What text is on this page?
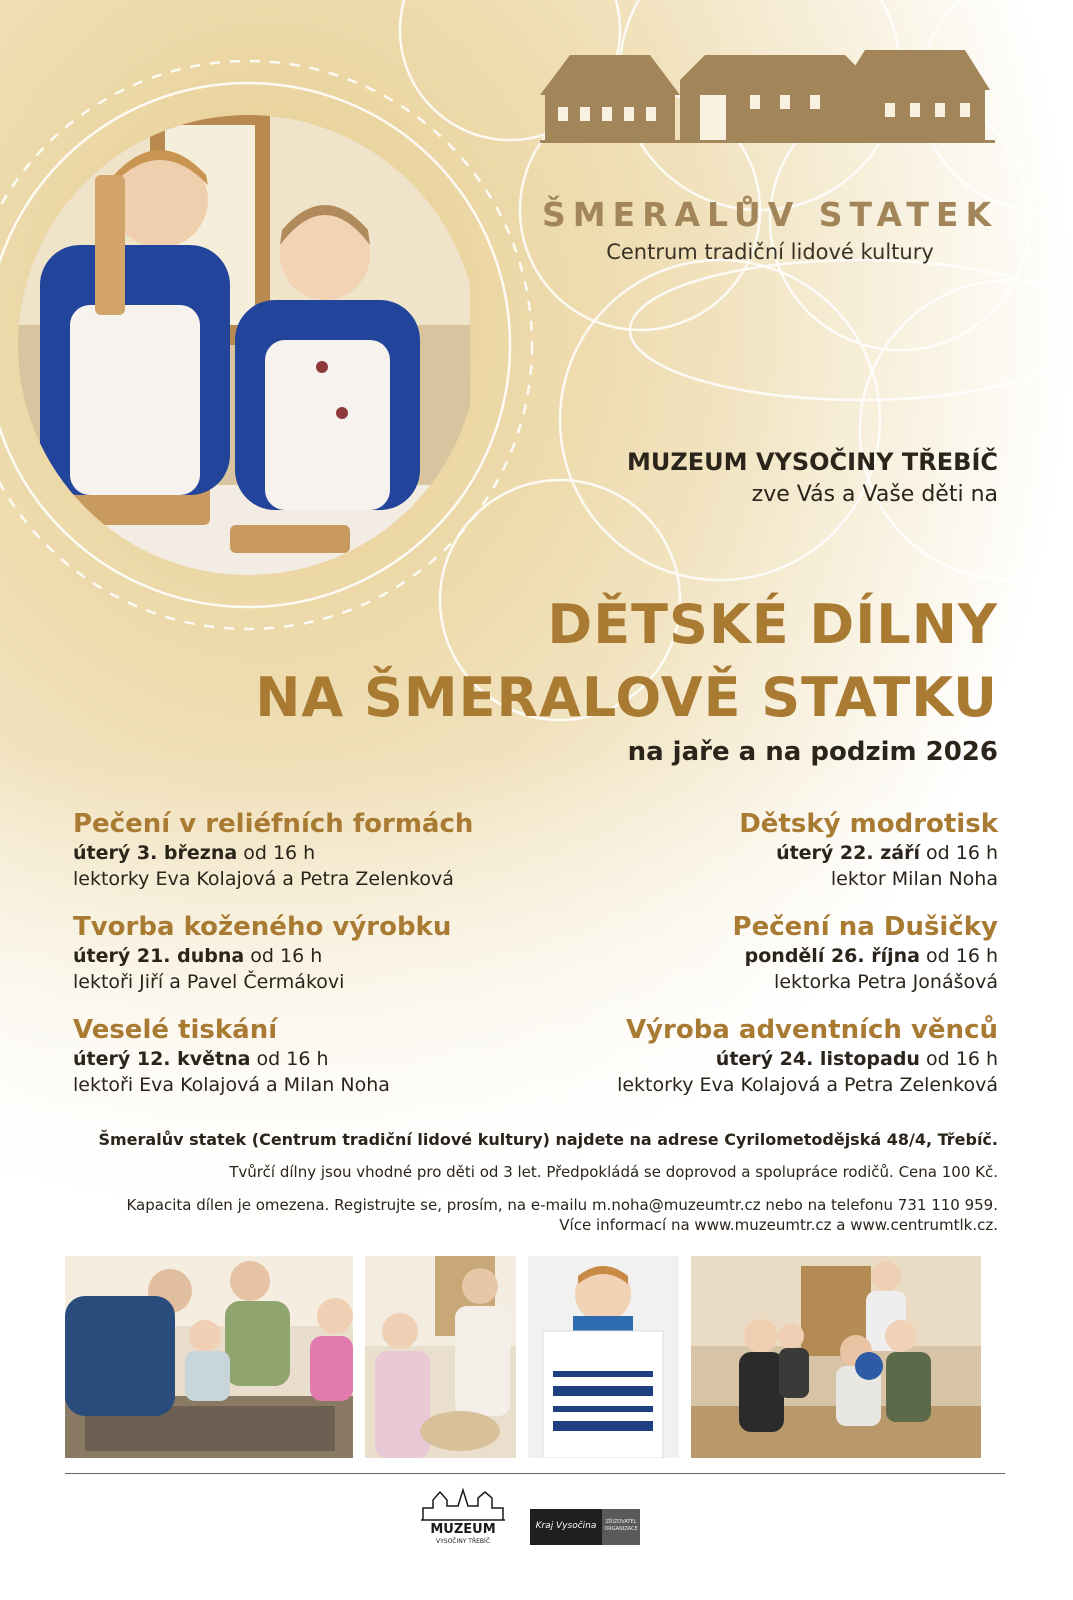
ŠMERALŮV STATEK
Centrum tradiční lidové kultury
MUZEUM VYSOČINY TŘEBÍČ
zve Vás a Vaše děti na
DĚTSKÉ DÍLNY
NA ŠMERALOVĚ STATKU
na jaře a na podzim 2026
Pečení v reliéfních formách
úterý 3. března od 16 h
lektorky Eva Kolajová a Petra Zelenková
Tvorba koženého výrobku
úterý 21. dubna od 16 h
lektoři Jiří a Pavel Čermákovi
Veselé tiskání
úterý 12. května od 16 h
lektoři Eva Kolajová a Milan Noha
Dětský modrotisk
úterý 22. září od 16 h
lektor Milan Noha
Pečení na Dušičky
pondělí 26. října od 16 h
lektorka Petra Jonášová
Výroba adventních věnců
úterý 24. listopadu od 16 h
lektorky Eva Kolajová a Petra Zelenková
Šmeralův statek (Centrum tradiční lidové kultury) najdete na adrese Cyrilometodějská 48/4, Třebíč.
Tvůrčí dílny jsou vhodné pro děti od 3 let. Předpokládá se doprovod a spolupráce rodičů. Cena 100 Kč.
Kapacita dílen je omezena. Registrujte se, prosím, na e-mailu m.noha@muzeumtr.cz nebo na telefonu 731 110 959.
Více informací na www.muzeumtr.cz a www.centrumtlk.cz.
MUZEUM
VYSOČINY TŘEBÍČ
Kraj Vysočina	ZŘIZOVATEL ORGANIZACE
